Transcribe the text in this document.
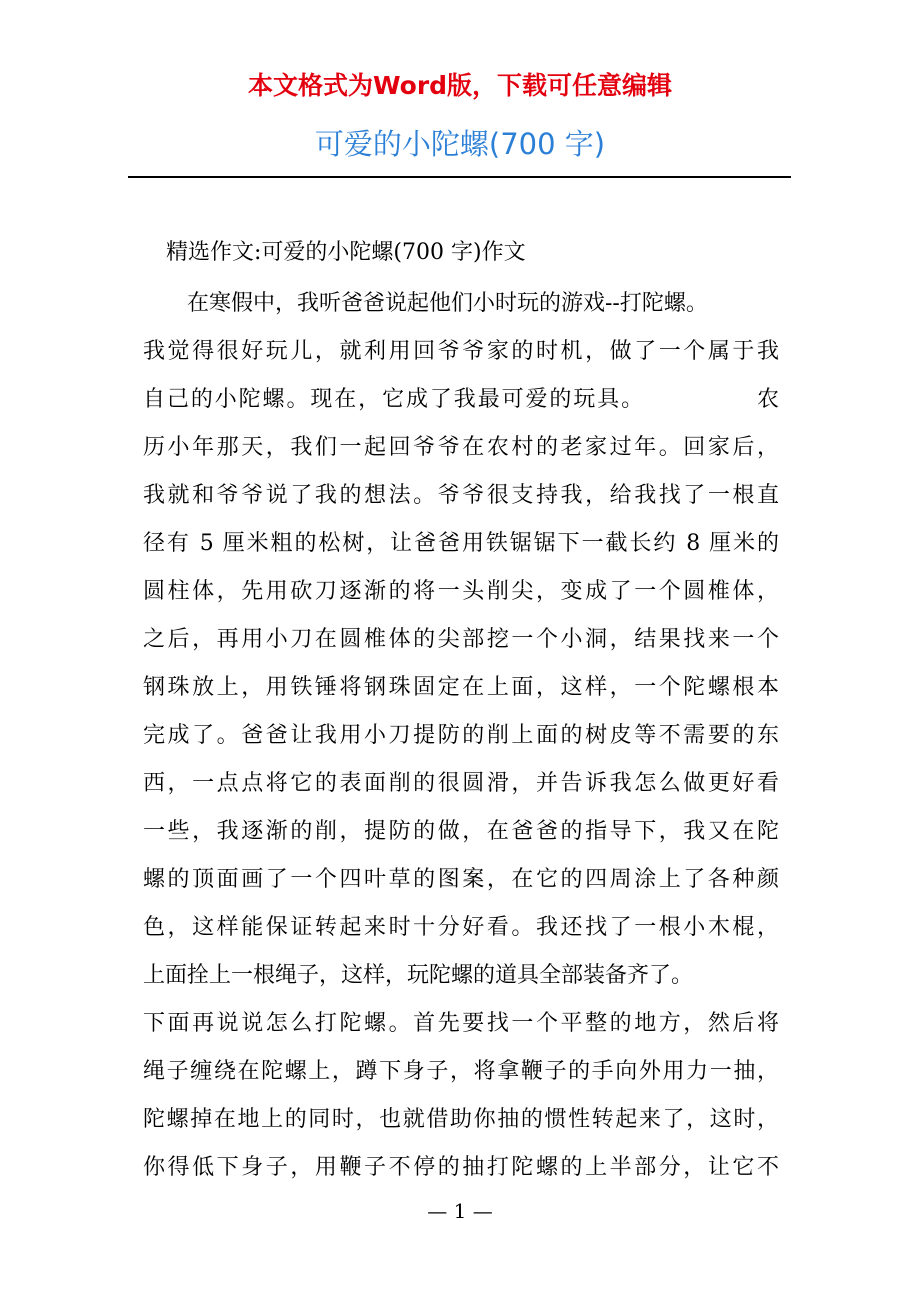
本文格式为Word版，下载可任意编辑
可爱的小陀螺(700 字)
精选作文:可爱的小陀螺(700 字)作文
在寒假中，我听爸爸说起他们小时玩的游戏--打陀螺。
我觉得很好玩儿，就利用回爷爷家的时机，做了一个属于我
自己的小陀螺。现在，它成了我最可爱的玩具。	农
历小年那天，我们一起回爷爷在农村的老家过年。回家后，
我就和爷爷说了我的想法。爷爷很支持我，给我找了一根直
径有 5 厘米粗的松树，让爸爸用铁锯锯下一截长约 8 厘米的
圆柱体，先用砍刀逐渐的将一头削尖，变成了一个圆椎体，
之后，再用小刀在圆椎体的尖部挖一个小洞，结果找来一个
钢珠放上，用铁锤将钢珠固定在上面，这样，一个陀螺根本
完成了。爸爸让我用小刀提防的削上面的树皮等不需要的东
西，一点点将它的表面削的很圆滑，并告诉我怎么做更好看
一些，我逐渐的削，提防的做，在爸爸的指导下，我又在陀
螺的顶面画了一个四叶草的图案，在它的四周涂上了各种颜
色，这样能保证转起来时十分好看。我还找了一根小木棍，
上面拴上一根绳子，这样，玩陀螺的道具全部装备齐了。
下面再说说怎么打陀螺。首先要找一个平整的地方，然后将
绳子缠绕在陀螺上，蹲下身子，将拿鞭子的手向外用力一抽，
陀螺掉在地上的同时，也就借助你抽的惯性转起来了，这时，
你得低下身子，用鞭子不停的抽打陀螺的上半部分，让它不
— 1 —
